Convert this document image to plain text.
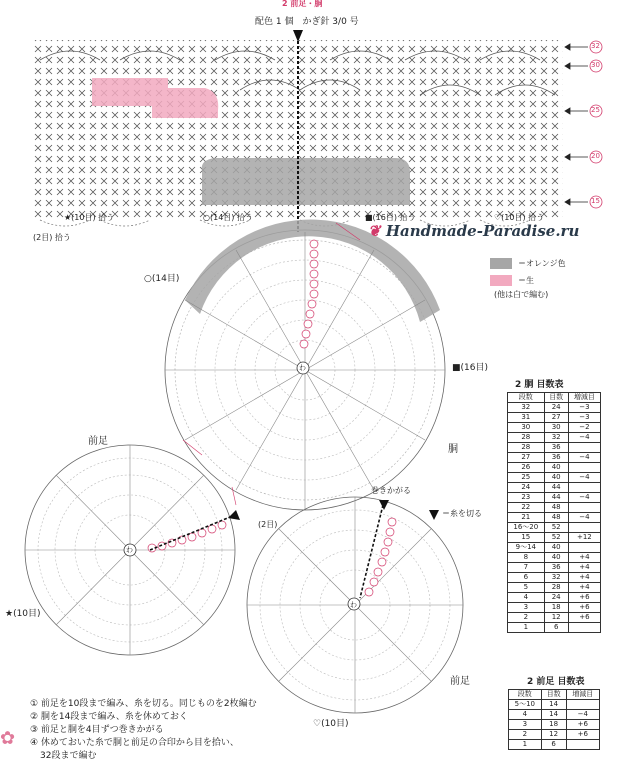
2 前足・胴
配色 1 個　かぎ針 3/0 号
32
30
25
20
15
★(10目) 拾う	○(14目) 拾う	■(16目) 拾う	♡(10目) 拾う
(2目) 拾う	❦ Handmade-Paradise.ru
＝オレンジ色
＝生
(他は白で編む)
○(14目)
■(16目)
胴
前足
前足
★(10目)
♡(10目)
(2目)
巻きかがる
＝糸を切る
わ
わ
わ
2 胴 目数表
段数	目数	増減目
32	24	−3
31	27	−3
30	30	−2
28	32	−4
28	36	
27	36	−4
26	40	
25	40	−4
24	44	
23	44	−4
22	48	
21	48	−4
16〜20	52	
15	52	+12
9〜14	40	
8	40	+4
7	36	+4
6	32	+4
5	28	+4
4	24	+6
3	18	+6
2	12	+6
1	6	
2 前足 目数表
段数	目数	増減目
5〜10	14	
4	14	−4
3	18	+6
2	12	+6
1	6	
① 前足を10段まで編み、糸を切る。同じものを2枚編む
② 胴を14段まで編み、糸を休めておく
③ 前足と胴を4目ずつ巻きかがる
④ 休めておいた糸で胴と前足の合印から目を拾い、
32段まで編む
✿
